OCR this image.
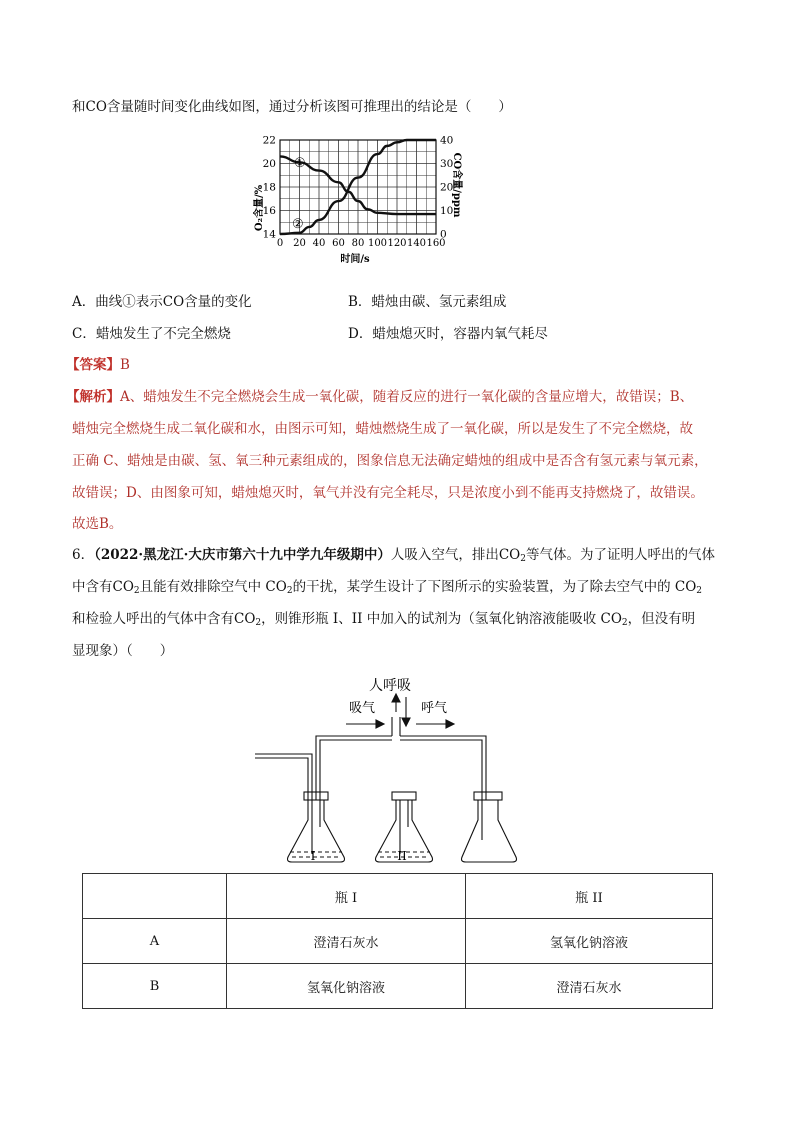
和CO含量随时间变化曲线如图，通过分析该图可推理出的结论是（　　）
14
16
18
20
22
0
10
20
30
40
0 20 40 60 80 100 120 140 160
①
②
O₂含量/%	CO含量/ppm
时间/s
A．曲线①表示CO含量的变化	B．蜡烛由碳、氢元素组成
C．蜡烛发生了不完全燃烧	D．蜡烛熄灭时，容器内氧气耗尽
【答案】B
【解析】A、蜡烛发生不完全燃烧会生成一氧化碳，随着反应的进行一氧化碳的含量应增大，故错误；B、
蜡烛完全燃烧生成二氧化碳和水，由图示可知，蜡烛燃烧生成了一氧化碳，所以是发生了不完全燃烧，故
正确 C、蜡烛是由碳、氢、氧三种元素组成的，图象信息无法确定蜡烛的组成中是否含有氢元素与氧元素，
故错误；D、由图象可知，蜡烛熄灭时，氧气并没有完全耗尽，只是浓度小到不能再支持燃烧了，故错误。
故选B。
6．（2022·黑龙江·大庆市第六十九中学九年级期中）人吸入空气，排出$CO_2$等气体。为了证明人呼出的气体
中含有$CO_2$且能有效排除空气中 $CO_2$的干扰，某学生设计了下图所示的实验装置，为了除去空气中的 $CO_2$
和检验人呼出的气体中含有$CO_2$，则锥形瓶 I、II 中加入的试剂为（氢氧化钠溶液能吸收 $CO_2$，但没有明
显现象）（　　）
人呼吸
吸气	呼气
I	II
	瓶 I	瓶 II
A	澄清石灰水	氢氧化钠溶液
B	氢氧化钠溶液	澄清石灰水
